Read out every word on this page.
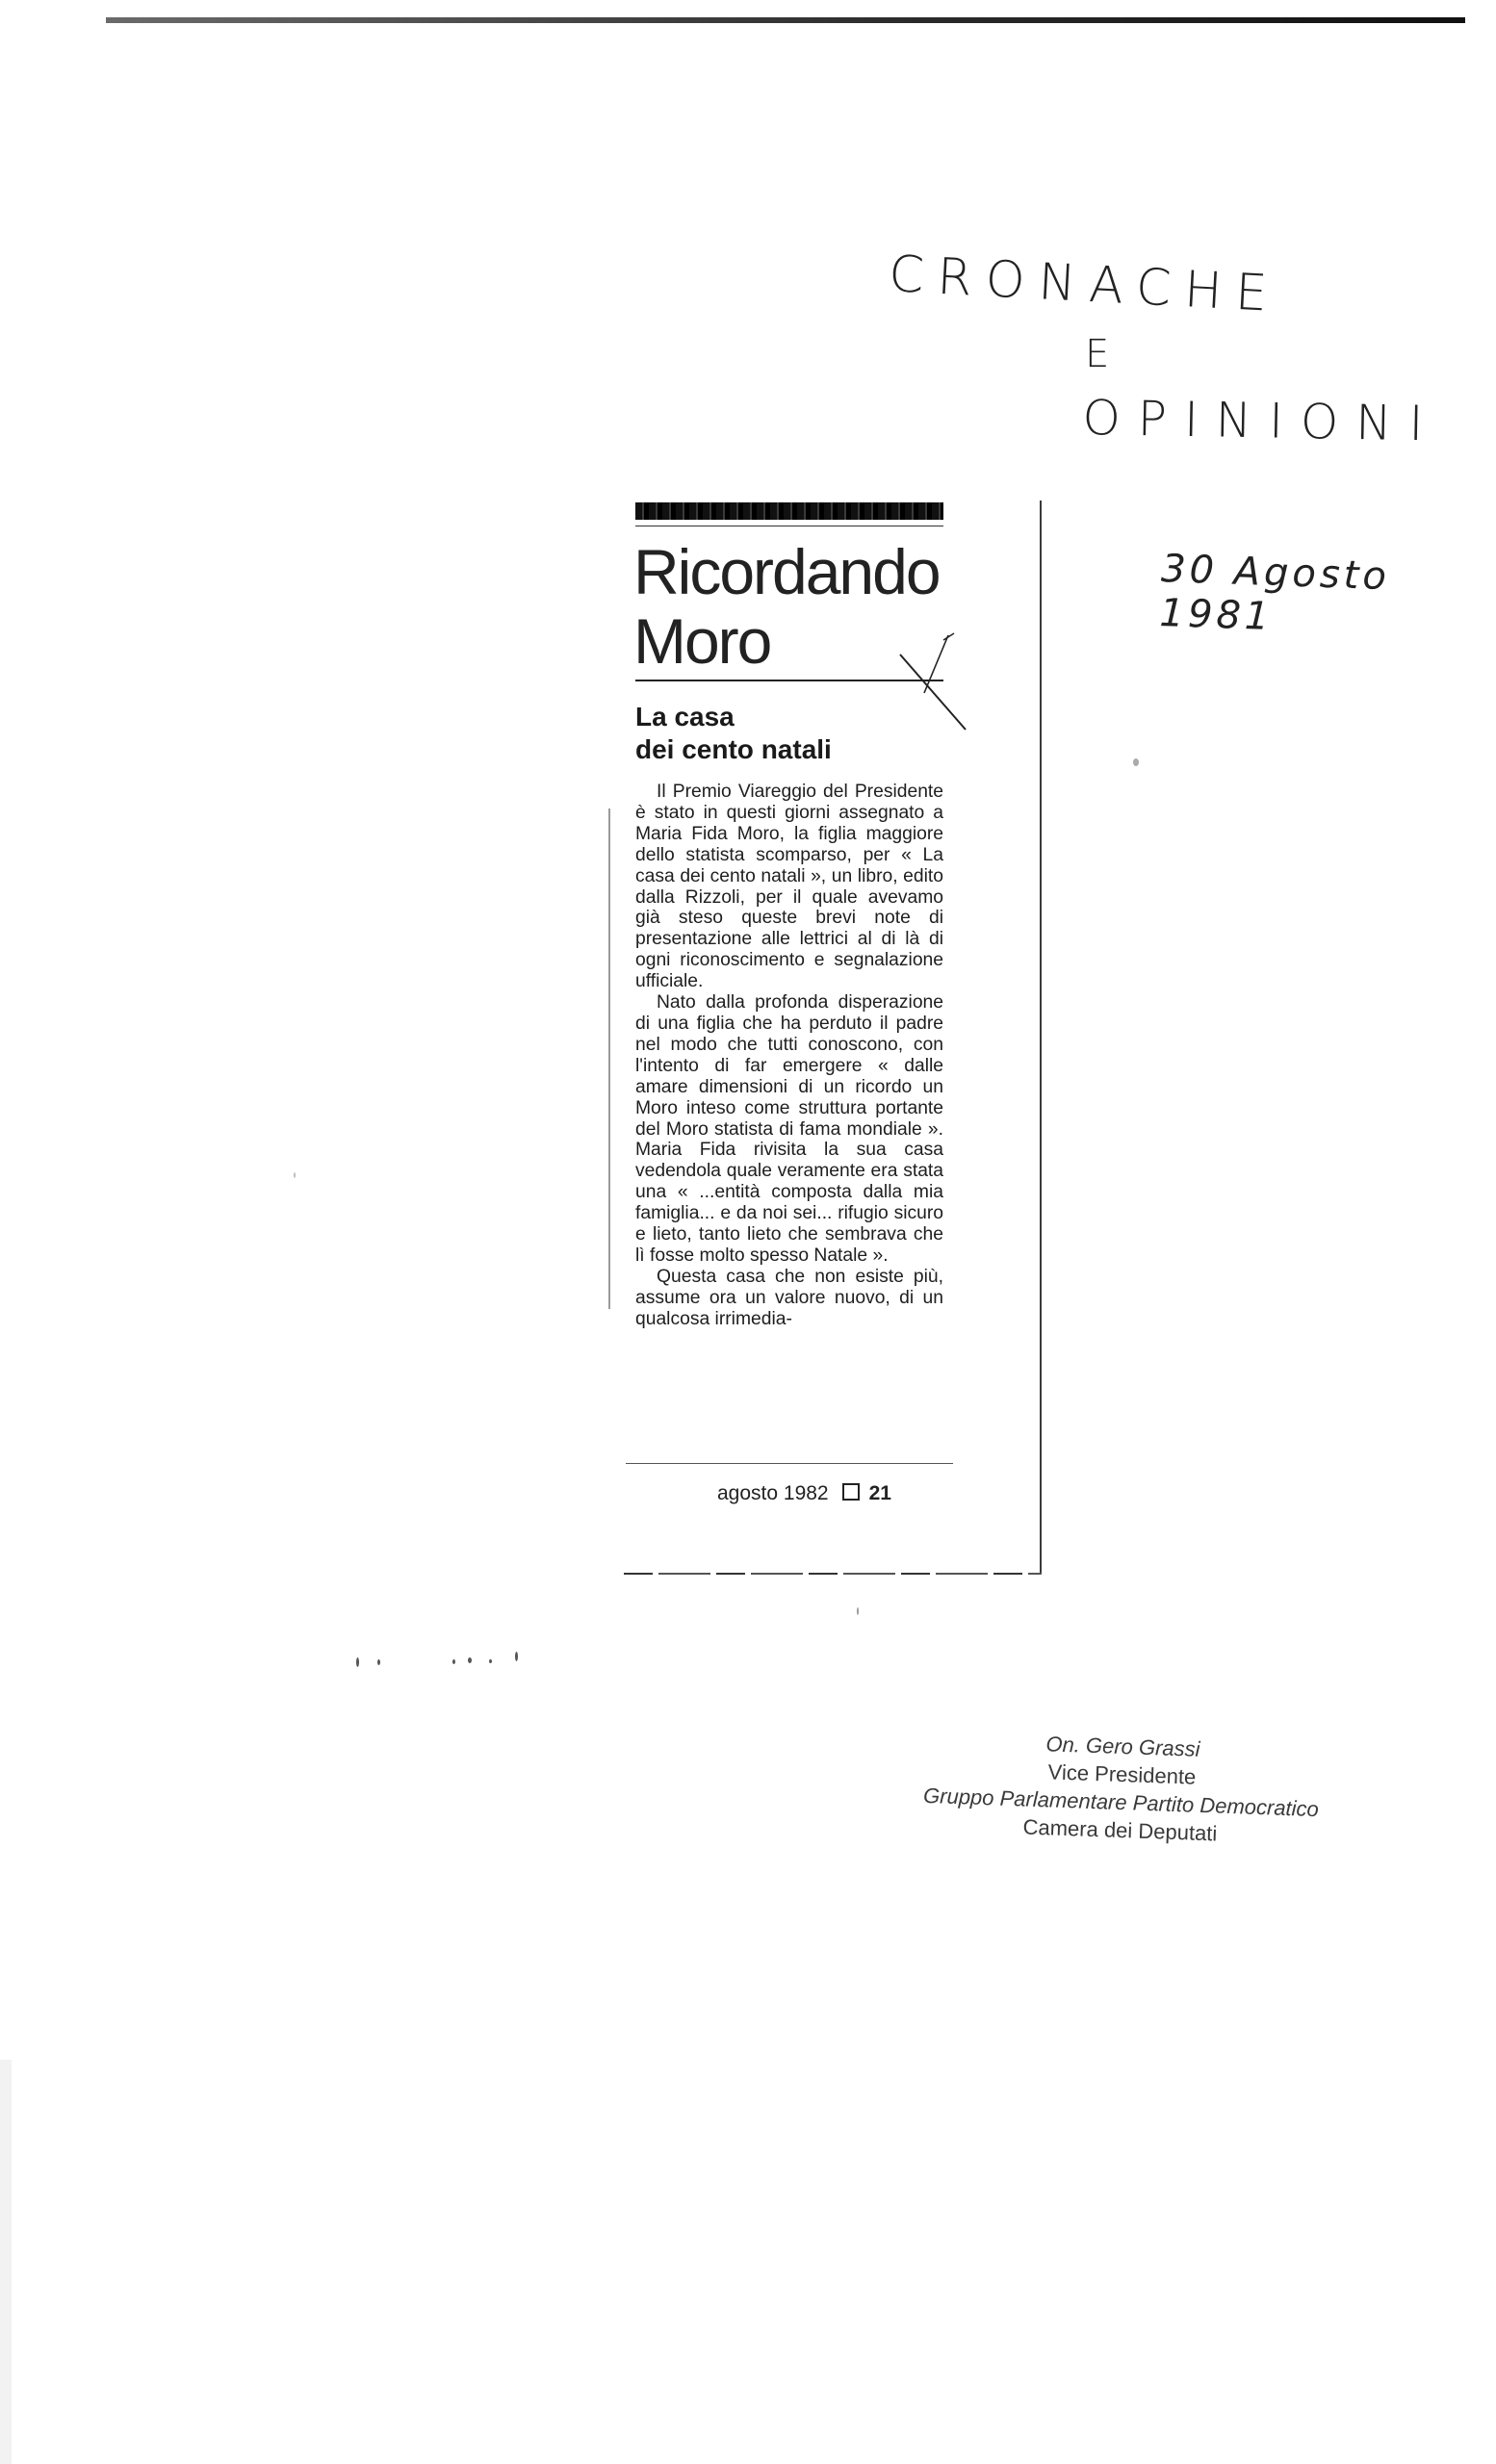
CRONACHE
E
OPINIONI
30 Agosto 1981
Ricordando
Moro
La casa
dei cento natali

Il Premio Viareggio del Presidente è stato in questi giorni assegnato a Maria Fida Moro, la figlia maggiore dello statista scomparso, per « La casa dei cento natali », un libro, edito dalla Rizzoli, per il quale avevamo già steso queste brevi note di presentazione alle lettrici al di là di ogni riconoscimento e segnalazione ufficiale.

Nato dalla profonda disperazione di una figlia che ha perduto il padre nel modo che tutti conoscono, con l'intento di far emergere « dalle amare dimensioni di un ricordo un Moro inteso come struttura portante del Moro statista di fama mondiale ». Maria Fida rivisita la sua casa vedendola quale veramente era stata una « ...entità composta dalla mia famiglia... e da noi sei... rifugio sicuro e lieto, tanto lieto che sembrava che lì fosse molto spesso Natale ».

Questa casa che non esiste più, assume ora un valore nuovo, di un qualcosa irrimedia-

agosto 1982 21
On. Gero Grassi
Vice Presidente
Gruppo Parlamentare Partito Democratico
Camera dei Deputati
